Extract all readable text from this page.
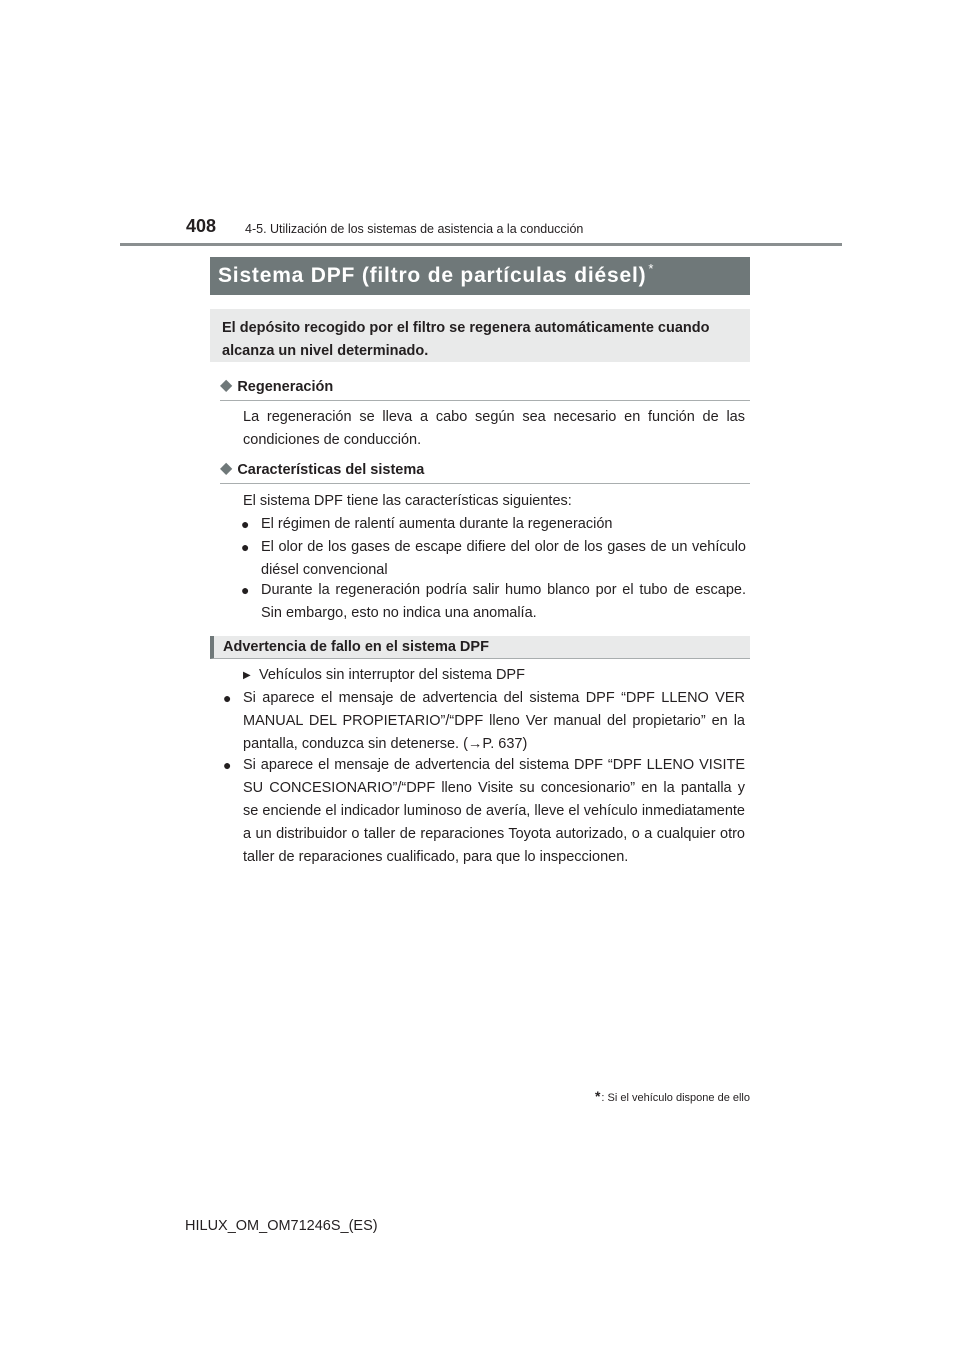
408 4-5. Utilización de los sistemas de asistencia a la conducción
Sistema DPF (filtro de partículas diésel) *
El depósito recogido por el filtro se regenera automáticamente cuando alcanza un nivel determinado.
◆ Regeneración
La regeneración se lleva a cabo según sea necesario en función de las condiciones de conducción.
◆ Características del sistema
El sistema DPF tiene las características siguientes:
● El régimen de ralentí aumenta durante la regeneración
● El olor de los gases de escape difiere del olor de los gases de un vehículo diésel convencional
● Durante la regeneración podría salir humo blanco por el tubo de escape. Sin embargo, esto no indica una anomalía.
Advertencia de fallo en el sistema DPF
▶ Vehículos sin interruptor del sistema DPF
● Si aparece el mensaje de advertencia del sistema DPF “DPF LLENO VER MANUAL DEL PROPIETARIO”/“DPF lleno Ver manual del propietario” en la pantalla, conduzca sin detenerse. (→P. 637)
● Si aparece el mensaje de advertencia del sistema DPF “DPF LLENO VISITE SU CONCESIONARIO”/“DPF lleno Visite su concesionario” en la pantalla y se enciende el indicador luminoso de avería, lleve el vehículo inmediatamente a un distribuidor o taller de reparaciones Toyota autorizado, o a cualquier otro taller de reparaciones cualificado, para que lo inspeccionen.
*: Si el vehículo dispone de ello
HILUX_OM_OM71246S_(ES)
